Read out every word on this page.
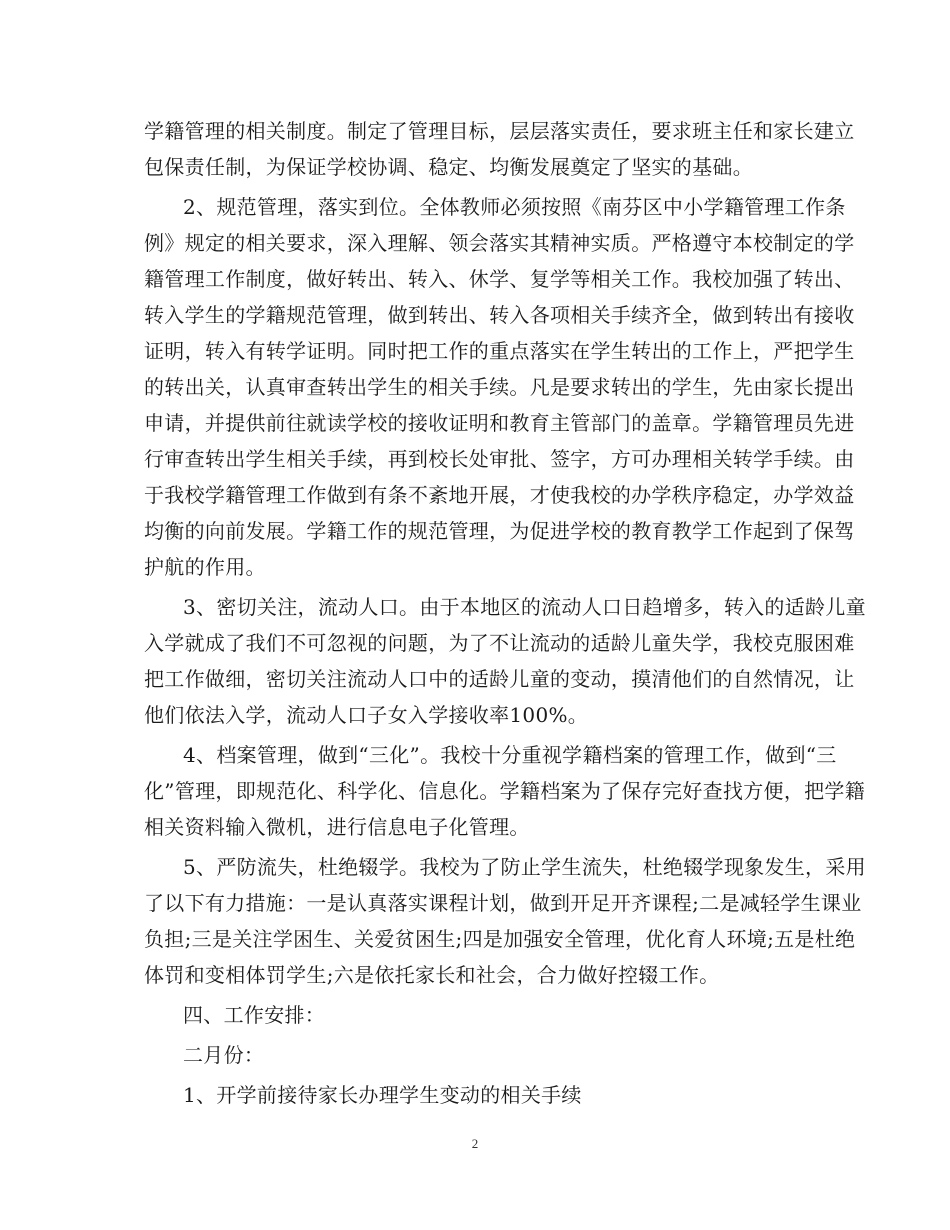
学籍管理的相关制度。制定了管理目标，层层落实责任，要求班主任和家长建立
包保责任制，为保证学校协调、稳定、均衡发展奠定了坚实的基础。
2、规范管理，落实到位。全体教师必须按照《南芬区中小学籍管理工作条
例》规定的相关要求，深入理解、领会落实其精神实质。严格遵守本校制定的学
籍管理工作制度，做好转出、转入、休学、复学等相关工作。我校加强了转出、
转入学生的学籍规范管理，做到转出、转入各项相关手续齐全，做到转出有接收
证明，转入有转学证明。同时把工作的重点落实在学生转出的工作上，严把学生
的转出关，认真审查转出学生的相关手续。凡是要求转出的学生，先由家长提出
申请，并提供前往就读学校的接收证明和教育主管部门的盖章。学籍管理员先进
行审查转出学生相关手续，再到校长处审批、签字，方可办理相关转学手续。由
于我校学籍管理工作做到有条不紊地开展，才使我校的办学秩序稳定，办学效益
均衡的向前发展。学籍工作的规范管理，为促进学校的教育教学工作起到了保驾
护航的作用。
3、密切关注，流动人口。由于本地区的流动人口日趋增多，转入的适龄儿童
入学就成了我们不可忽视的问题，为了不让流动的适龄儿童失学，我校克服困难
把工作做细，密切关注流动人口中的适龄儿童的变动，摸清他们的自然情况，让
他们依法入学，流动人口子女入学接收率100%。
4、档案管理，做到“三化”。我校十分重视学籍档案的管理工作，做到“三
化”管理，即规范化、科学化、信息化。学籍档案为了保存完好查找方便，把学籍
相关资料输入微机，进行信息电子化管理。
5、严防流失，杜绝辍学。我校为了防止学生流失，杜绝辍学现象发生，采用
了以下有力措施：一是认真落实课程计划，做到开足开齐课程;二是减轻学生课业
负担;三是关注学困生、关爱贫困生;四是加强安全管理，优化育人环境;五是杜绝
体罚和变相体罚学生;六是依托家长和社会，合力做好控辍工作。
四、工作安排：
二月份：
1、开学前接待家长办理学生变动的相关手续
2
